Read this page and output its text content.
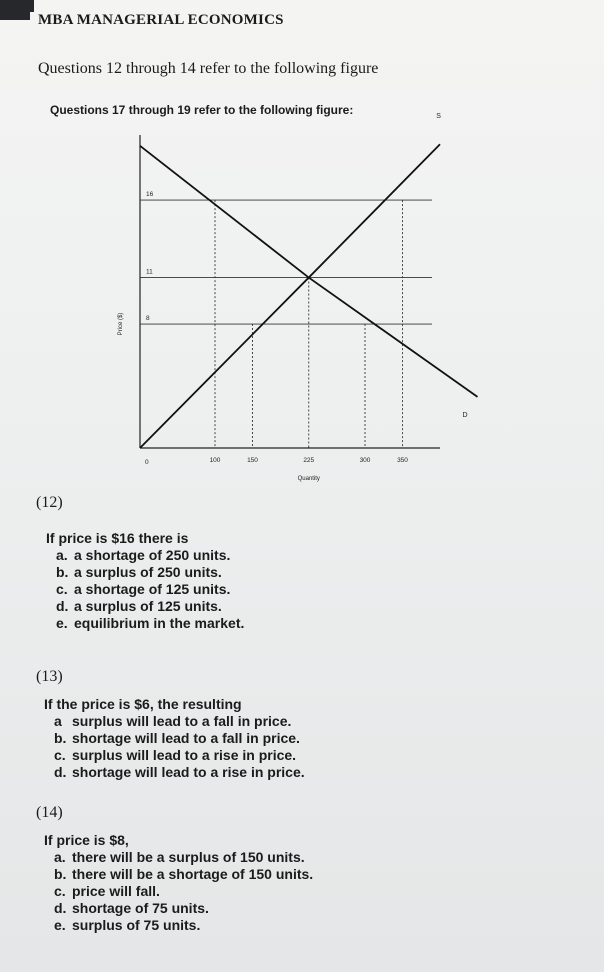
MBA MANAGERIAL ECONOMICS
Questions 12 through 14 refer to the following figure
Questions 17 through 19 refer to the following figure:
16
11
8
0	100	150	225	300	350
Quantity
Price ($)
S
D
(12)
If price is $16 there is
a. a shortage of 250 units.
b. a surplus of 250 units.
c. a shortage of 125 units.
d. a surplus of 125 units.
e. equilibrium in the market.
(13)
If the price is $6, the resulting
a surplus will lead to a fall in price.
b. shortage will lead to a fall in price.
c. surplus will lead to a rise in price.
d. shortage will lead to a rise in price.
(14)
If price is $8,
a. there will be a surplus of 150 units.
b. there will be a shortage of 150 units.
c. price will fall.
d. shortage of 75 units.
e. surplus of 75 units.
